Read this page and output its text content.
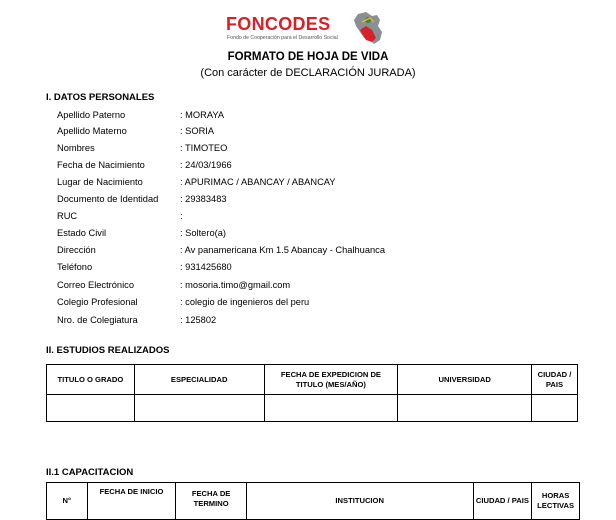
FONCODES
Fondo de Cooperación para el Desarrollo Social
FORMATO DE HOJA DE VIDA
(Con carácter de DECLARACIÓN JURADA)
I. DATOS PERSONALES
Apellido Paterno	: MORAYA
Apellido Materno	: SORIA
Nombres	: TIMOTEO
Fecha de Nacimiento	: 24/03/1966
Lugar de Nacimiento	: APURIMAC / ABANCAY / ABANCAY
Documento de Identidad : 29383483
RUC	:
Estado Civil	: Soltero(a)
Dirección	: Av panamericana Km 1.5 Abancay - Chalhuanca
Teléfono	: 931425680
Correo Electrónico	: mosoria.timo@gmail.com
Colegio Profesional	: colegio de ingenieros del peru
Nro. de Colegiatura	: 125802
II. ESTUDIOS REALIZADOS
TITULO O GRADO	ESPECIALIDAD	FECHA DE EXPEDICION DE TITULO (MES/AÑO)	UNIVERSIDAD	CIUDAD / PAIS

II.1 CAPACITACION
N°	FECHA DE INICIO	FECHA DE TERMINO	INSTITUCION	CIUDAD / PAIS	HORAS LECTIVAS
